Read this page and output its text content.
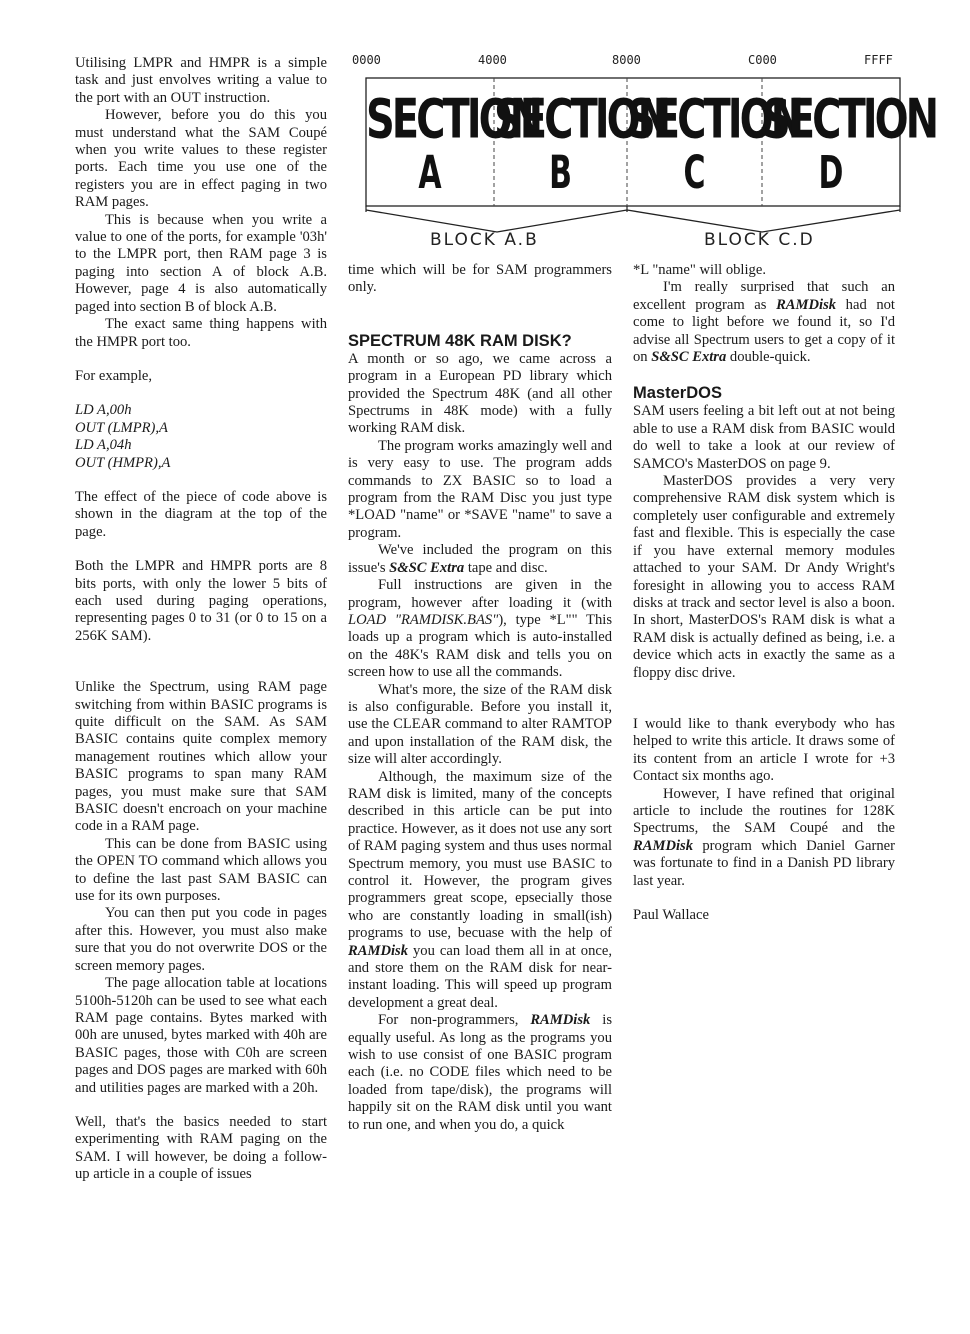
0000	4000	8000	C000	FFFF
SECTION
A
SECTION
B
SECTION
C
SECTION
D
BLOCK A.B	BLOCK C.D

Utilising LMPR and HMPR is a simple task and just envolves writing a value to the port with an OUT instruction.

However, before you do this you must understand what the SAM Coupé when you write values to these register ports. Each time you use one of the registers you are in effect paging in two RAM pages.

This is because when you write a value to one of the ports, for example '03h' to the LMPR port, then RAM page 3 is paging into section A of block A.B. However, page 4 is also automatically paged into section B of block A.B.

The exact same thing happens with the HMPR port too.

For example,

LD A,00h

OUT (LMPR),A

LD A,04h

OUT (HMPR),A

The effect of the piece of code above is shown in the diagram at the top of the page.

Both the LMPR and HMPR ports are 8 bits ports, with only the lower 5 bits of each used during paging operations, representing pages 0 to 31 (or 0 to 15 on a 256K SAM).

Unlike the Spectrum, using RAM page switching from within BASIC programs is quite difficult on the SAM. As SAM BASIC contains quite complex memory management routines which allow your BASIC programs to span many RAM pages, you must make sure that SAM BASIC doesn't encroach on your machine code in a RAM page.

This can be done from BASIC using the OPEN TO command which allows you to define the last past SAM BASIC can use for its own purposes.

You can then put you code in pages after this. However, you must also make sure that you do not overwrite DOS or the screen memory pages.

The page allocation table at locations 5100h-5120h can be used to see what each RAM page contains. Bytes marked with 00h are unused, bytes marked with 40h are BASIC pages, those with C0h are screen pages and DOS pages are marked with 60h and utilities pages are marked with a 20h.

Well, that's the basics needed to start experimenting with RAM paging on the SAM. I will however, be doing a follow-up article in a couple of issues

time which will be for SAM programmers only.

SPECTRUM 48K RAM DISK?

A month or so ago, we came across a program in a European PD library which provided the Spectrum 48K (and all other Spectrums in 48K mode) with a fully working RAM disk.

The program works amazingly well and is very easy to use. The program adds commands to ZX BASIC so to load a program from the RAM Disc you just type *LOAD "name" or *SAVE "name" to save a program.

We've included the program on this issue's S&SC Extra tape and disc.

Full instructions are given in the program, however after loading it (with LOAD "RAMDISK.BAS"), type *L"" This loads up a program which is auto-installed on the 48K's RAM disk and tells you on screen how to use all the commands.

What's more, the size of the RAM disk is also configurable. Before you install it, use the CLEAR command to alter RAMTOP and upon installation of the RAM disk, the size will alter accordingly.

Although, the maximum size of the RAM disk is limited, many of the concepts described in this article can be put into practice. However, as it does not use any sort of RAM paging system and thus uses normal Spectrum memory, you must use BASIC to control it. However, the program gives programmers great scope, epsecially those who are constantly loading in small(ish) programs to use, becuase with the help of RAMDisk you can load them all in at once, and store them on the RAM disk for near-instant loading. This will speed up program development a great deal.

For non-programmers, RAMDisk is equally useful. As long as the programs you wish to use consist of one BASIC program each (i.e. no CODE files which need to be loaded from tape/disk), the programs will happily sit on the RAM disk until you want to run one, and when you do, a quick

*L "name" will oblige.

I'm really surprised that such an excellent program as RAMDisk had not come to light before we found it, so I'd advise all Spectrum users to get a copy of it on S&SC Extra double-quick.

MasterDOS

SAM users feeling a bit left out at not being able to use a RAM disk from BASIC would do well to take a look at our review of SAMCO's MasterDOS on page 9.

MasterDOS provides a very very comprehensive RAM disk system which is completely user configurable and extremely fast and flexible. This is especially the case if you have external memory modules attached to your SAM. Dr Andy Wright's foresight in allowing you to access RAM disks at track and sector level is also a boon. In short, MasterDOS's RAM disk is what a RAM disk is actually defined as being, i.e. a device which acts in exactly the same as a floppy disc drive.

I would like to thank everybody who has helped to write this article. It draws some of its content from an article I wrote for +3 Contact six months ago.

However, I have refined that original article to include the routines for 128K Spectrums, the SAM Coupé and the RAMDisk program which Daniel Garner was fortunate to find in a Danish PD library last year.

Paul Wallace
